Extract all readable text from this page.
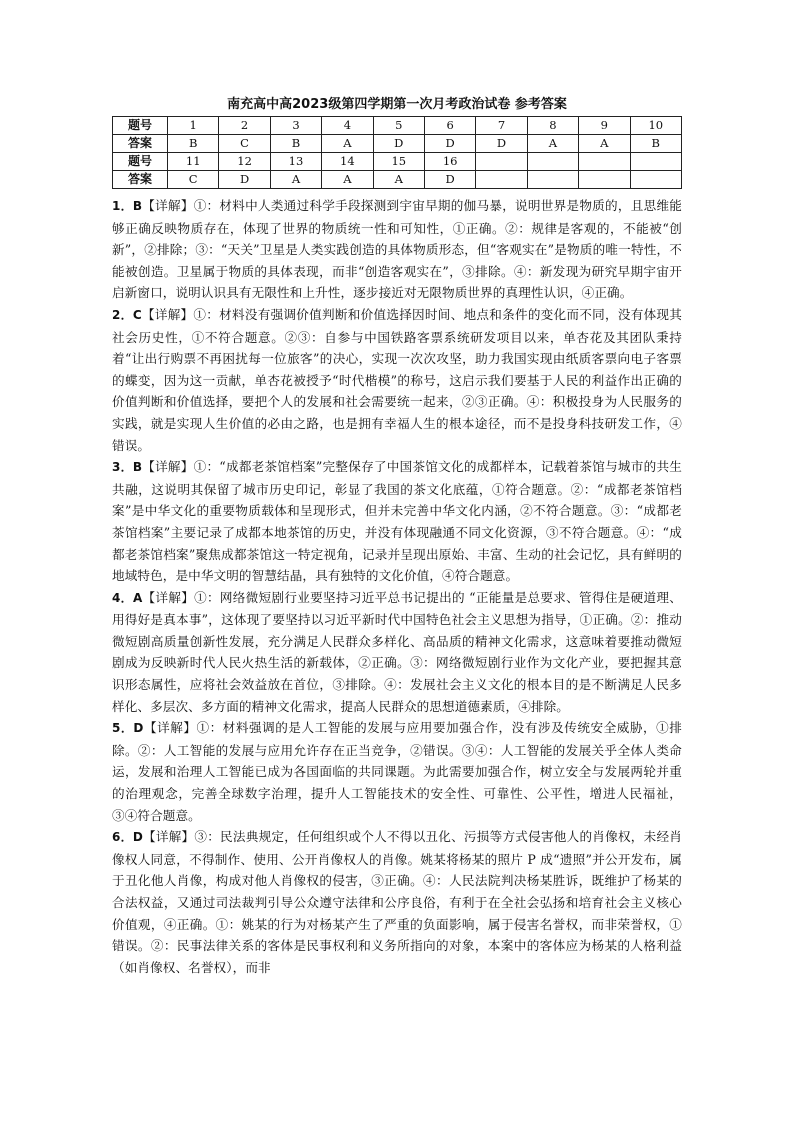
南充高中高2023级第四学期第一次月考政治试卷 参考答案
题号	1	2	3	4	5	6	7	8	9	10
答案	B	C	B	A	D	D	D	A	A	B
题号	11	12	13	14	15	16				
答案	C	D	A	A	A	D				

1．B【详解】①：材料中人类通过科学手段探测到宇宙早期的伽马暴，说明世界是物质的，且思维能够正确反映物质存在，体现了世界的物质统一性和可知性，①正确。②：规律是客观的，不能被“创新”，②排除；③：“天关”卫星是人类实践创造的具体物质形态，但“客观实在”是物质的唯一特性，不能被创造。卫星属于物质的具体表现，而非“创造客观实在”，③排除。④：新发现为研究早期宇宙开启新窗口，说明认识具有无限性和上升性，逐步接近对无限物质世界的真理性认识，④正确。

2．C【详解】①：材料没有强调价值判断和价值选择因时间、地点和条件的变化而不同，没有体现其社会历史性，①不符合题意。②③：自参与中国铁路客票系统研发项目以来，单杏花及其团队秉持着“让出行购票不再困扰每一位旅客”的决心，实现一次次攻坚，助力我国实现由纸质客票向电子客票的蝶变，因为这一贡献，单杏花被授予“时代楷模”的称号，这启示我们要基于人民的利益作出正确的价值判断和价值选择，要把个人的发展和社会需要统一起来，②③正确。④：积极投身为人民服务的实践，就是实现人生价值的必由之路，也是拥有幸福人生的根本途径，而不是投身科技研发工作，④错误。

3．B【详解】①：“成都老茶馆档案”完整保存了中国茶馆文化的成都样本，记载着茶馆与城市的共生共融，这说明其保留了城市历史印记，彰显了我国的茶文化底蕴，①符合题意。②：“成都老茶馆档案”是中华文化的重要物质载体和呈现形式，但并未完善中华文化内涵，②不符合题意。③：“成都老茶馆档案”主要记录了成都本地茶馆的历史，并没有体现融通不同文化资源，③不符合题意。④：“成都老茶馆档案”聚焦成都茶馆这一特定视角，记录并呈现出原始、丰富、生动的社会记忆，具有鲜明的地域特色，是中华文明的智慧结晶，具有独特的文化价值，④符合题意。

4．A【详解】①：网络微短剧行业要坚持习近平总书记提出的 “正能量是总要求、管得住是硬道理、用得好是真本事”，这体现了要坚持以习近平新时代中国特色社会主义思想为指导，①正确。②：推动微短剧高质量创新性发展，充分满足人民群众多样化、高品质的精神文化需求，这意味着要推动微短剧成为反映新时代人民火热生活的新载体，②正确。③：网络微短剧行业作为文化产业，要把握其意识形态属性，应将社会效益放在首位，③排除。④：发展社会主义文化的根本目的是不断满足人民多样化、多层次、多方面的精神文化需求，提高人民群众的思想道德素质，④排除。

5．D【详解】①：材料强调的是人工智能的发展与应用要加强合作，没有涉及传统安全威胁，①排除。②：人工智能的发展与应用允许存在正当竞争，②错误。③④：人工智能的发展关乎全体人类命运，发展和治理人工智能已成为各国面临的共同课题。为此需要加强合作，树立安全与发展两轮并重的治理观念，完善全球数字治理，提升人工智能技术的安全性、可靠性、公平性，增进人民福祉，③④符合题意。

6．D【详解】③：民法典规定，任何组织或个人不得以丑化、污损等方式侵害他人的肖像权，未经肖像权人同意，不得制作、使用、公开肖像权人的肖像。姚某将杨某的照片 P 成“遗照”并公开发布，属于丑化他人肖像，构成对他人肖像权的侵害，③正确。④：人民法院判决杨某胜诉，既维护了杨某的合法权益，又通过司法裁判引导公众遵守法律和公序良俗，有利于在全社会弘扬和培育社会主义核心价值观，④正确。①：姚某的行为对杨某产生了严重的负面影响，属于侵害名誉权，而非荣誉权，①错误。②：民事法律关系的客体是民事权利和义务所指向的对象，本案中的客体应为杨某的人格利益（如肖像权、名誉权），而非
